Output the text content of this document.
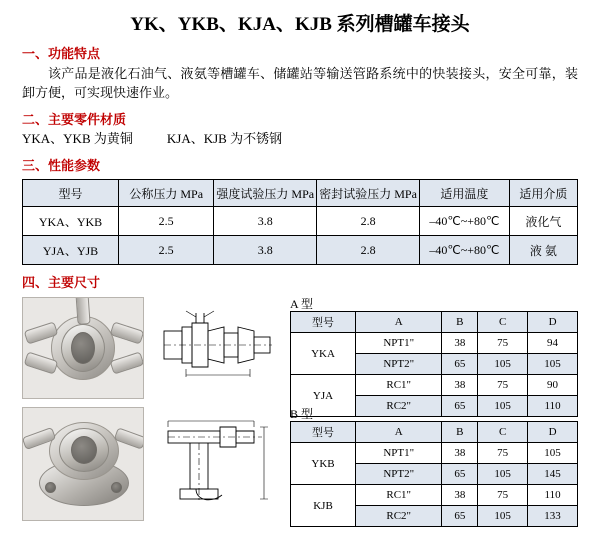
YK、YKB、KJA、KJB 系列槽罐车接头
一、功能特点
该产品是液化石油气、液氨等槽罐车、储罐站等输送管路系统中的快装接头，安全可靠，装卸方便，可实现快速作业。
二、主要零件材质
YKA、YKB 为黄铜	KJA、KJB 为不锈钢
三、性能参数
型号	公称压力 MPa	强度试验压力 MPa	密封试验压力 MPa	适用温度	适用介质
YKA、YKB	2.5	3.8	2.8	–40℃~+80℃	液化气
YJA、YJB	2.5	3.8	2.8	–40℃~+80℃	液 氨
四、主要尺寸
A 型
型号	A	B	C	D
YKA	NPT1"	38	75	94
	NPT2"	65	105	105
YJA	RC1"	38	75	90
	RC2"	65	105	110
B 型
型号	A	B	C	D
YKB	NPT1"	38	75	105
	NPT2"	65	105	145
KJB	RC1"	38	75	110
	RC2"	65	105	133
